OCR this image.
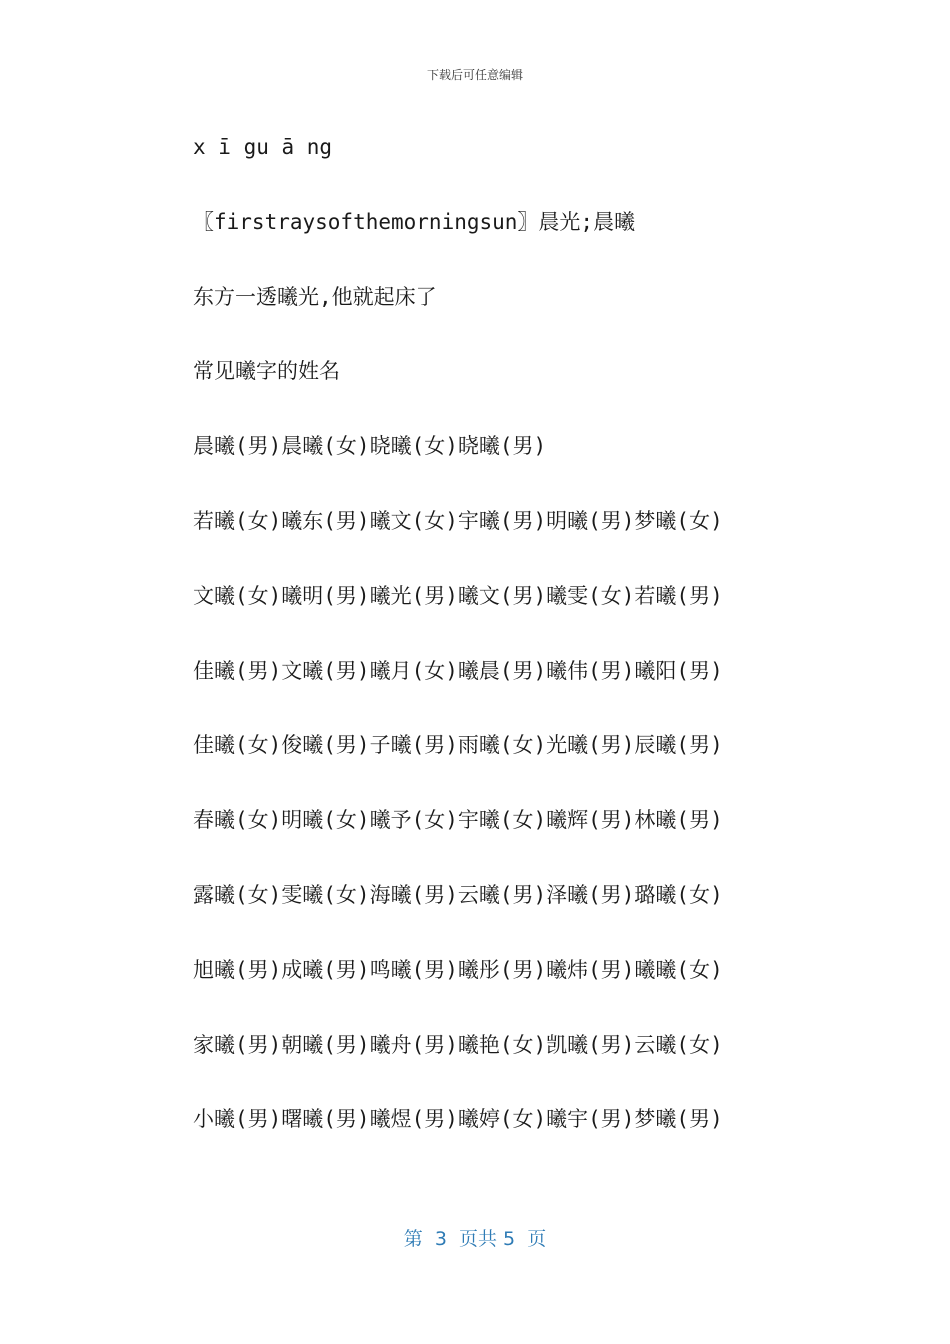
下载后可任意编辑
x ī gu ā ng
〖firstraysofthemorningsun〗晨光;晨曦
东方一透曦光,他就起床了
常见曦字的姓名
晨曦(男)晨曦(女)晓曦(女)晓曦(男)
若曦(女)曦东(男)曦文(女)宇曦(男)明曦(男)梦曦(女)
文曦(女)曦明(男)曦光(男)曦文(男)曦雯(女)若曦(男)
佳曦(男)文曦(男)曦月(女)曦晨(男)曦伟(男)曦阳(男)
佳曦(女)俊曦(男)子曦(男)雨曦(女)光曦(男)辰曦(男)
春曦(女)明曦(女)曦予(女)宇曦(女)曦辉(男)林曦(男)
露曦(女)雯曦(女)海曦(男)云曦(男)泽曦(男)璐曦(女)
旭曦(男)成曦(男)鸣曦(男)曦彤(男)曦炜(男)曦曦(女)
家曦(男)朝曦(男)曦舟(男)曦艳(女)凯曦(男)云曦(女)
小曦(男)曙曦(男)曦煜(男)曦婷(女)曦宇(男)梦曦(男)
第  3  页共 5  页
